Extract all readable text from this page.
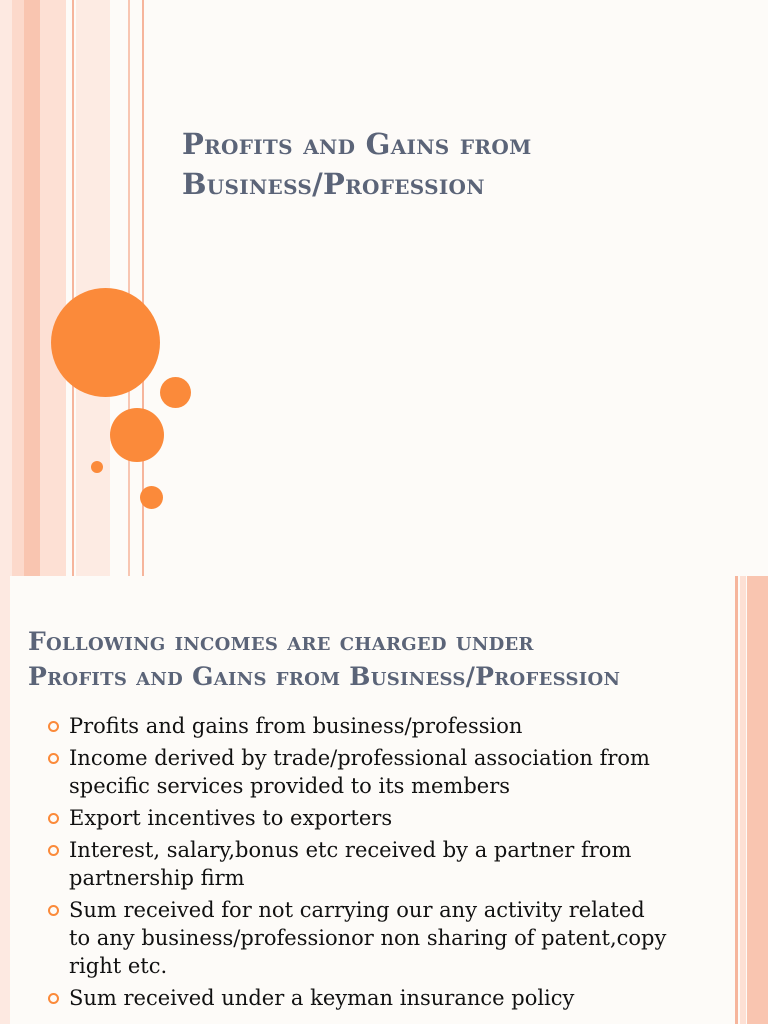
Profits and Gains from
Business/Profession
Following incomes are charged under
Profits and Gains from Business/Profession
Profits and gains from business/profession
Income derived by trade/professional association from
specific services provided to its members
Export incentives to exporters
Interest, salary,bonus etc received by a partner from
partnership firm
Sum received for not carrying our any activity related
to any business/professionor non sharing of patent,copy
right etc.
Sum received under a keyman insurance policy
